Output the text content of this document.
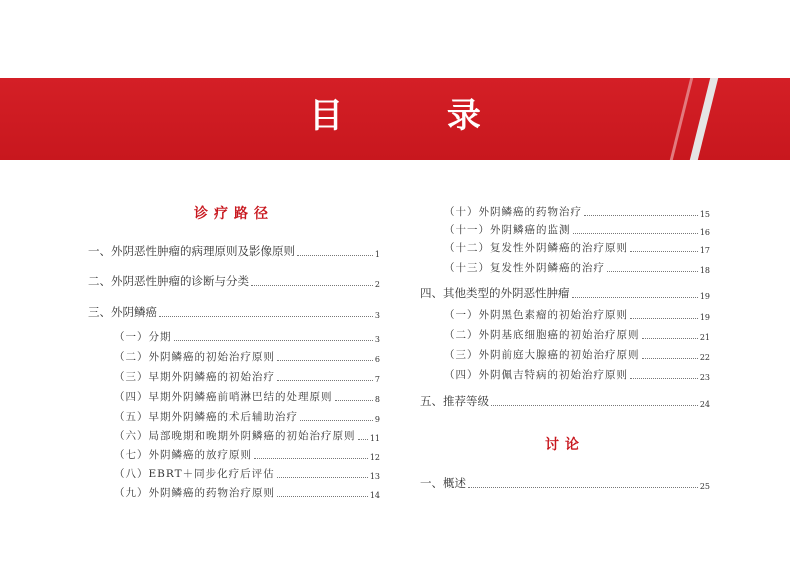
目 录
诊疗路径
一、外阴恶性肿瘤的病理原则及影像原则	1
二、外阴恶性肿瘤的诊断与分类	2
三、外阴鳞癌	3
（一）分期	3
（二）外阴鳞癌的初始治疗原则	6
（三）早期外阴鳞癌的初始治疗	7
（四）早期外阴鳞癌前哨淋巴结的处理原则	8
（五）早期外阴鳞癌的术后辅助治疗	9
（六）局部晚期和晚期外阴鳞癌的初始治疗原则 11
（七）外阴鳞癌的放疗原则	12
（八）EBRT＋同步化疗后评估	13
（九）外阴鳞癌的药物治疗原则	14
（十）外阴鳞癌的药物治疗	15
（十一）外阴鳞癌的监测	16
（十二）复发性外阴鳞癌的治疗原则	17
（十三）复发性外阴鳞癌的治疗	18
四、其他类型的外阴恶性肿瘤	19
（一）外阴黑色素瘤的初始治疗原则	19
（二）外阴基底细胞癌的初始治疗原则	21
（三）外阴前庭大腺癌的初始治疗原则	22
（四）外阴佩吉特病的初始治疗原则	23
五、推荐等级	24
讨论
一、概述	25
